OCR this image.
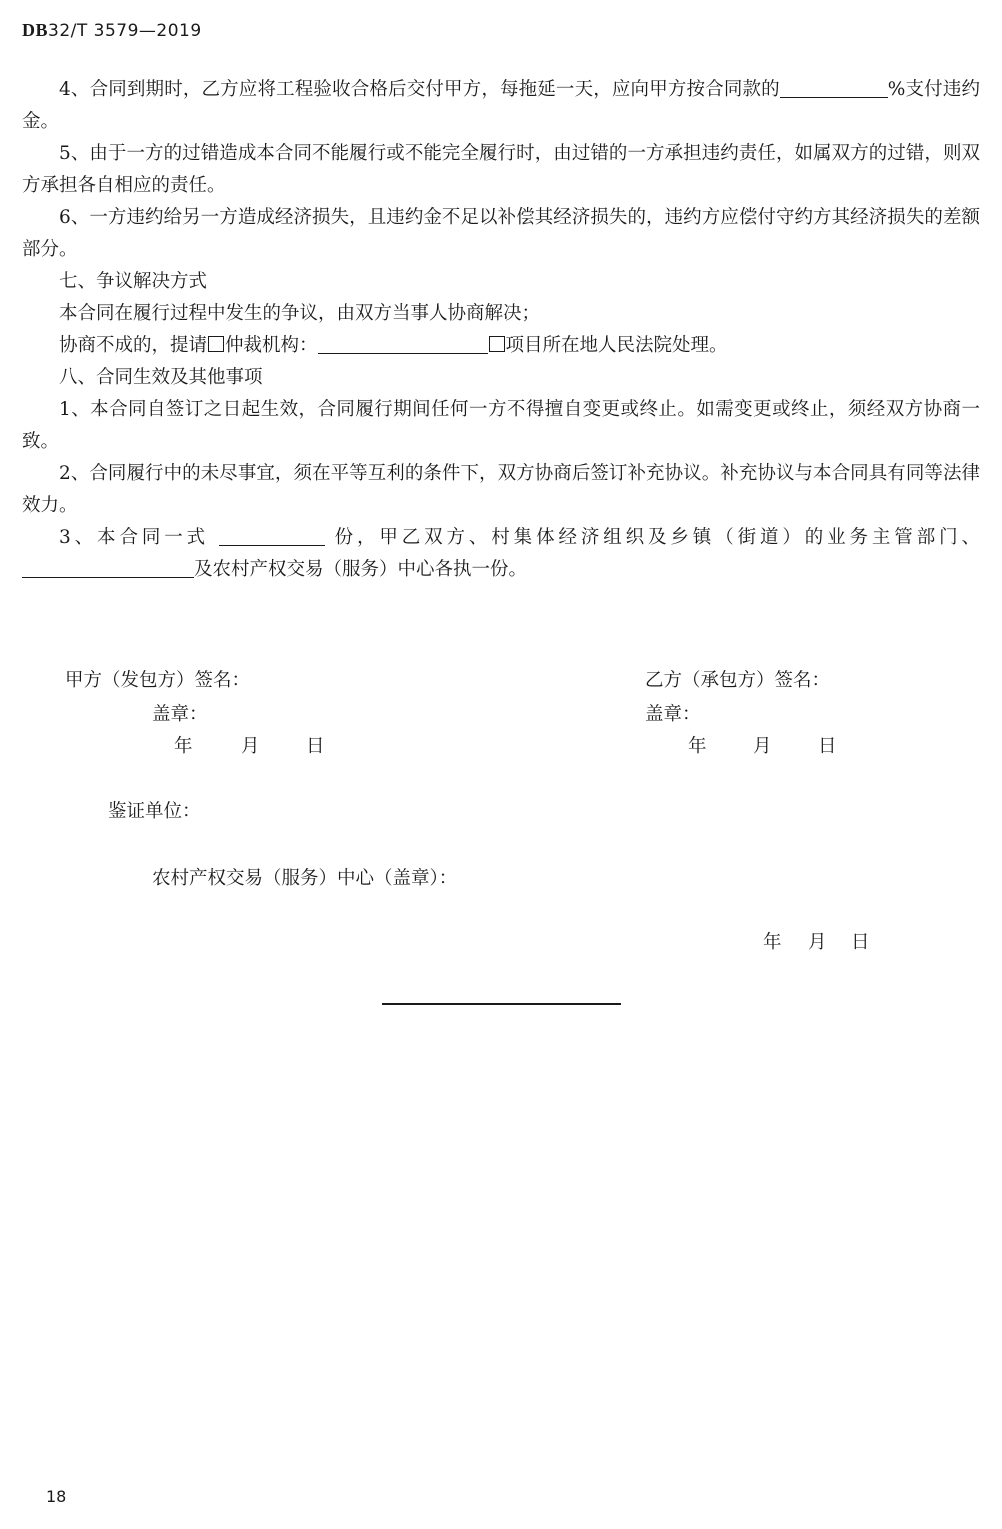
DB32/T 3579—2019

4、合同到期时，乙方应将工程验收合格后交付甲方，每拖延一天，应向甲方按合同款的	%支付违约金。

5、由于一方的过错造成本合同不能履行或不能完全履行时，由过错的一方承担违约责任，如属双方的过错，则双方承担各自相应的责任。

6、一方违约给另一方造成经济损失，且违约金不足以补偿其经济损失的，违约方应偿付守约方其经济损失的差额部分。

七、争议解决方式

本合同在履行过程中发生的争议，由双方当事人协商解决；

协商不成的，提请 仲裁机构：	项目所在地人民法院处理。

八、合同生效及其他事项

1、本合同自签订之日起生效，合同履行期间任何一方不得擅自变更或终止。如需变更或终止，须经双方协商一致。

2、合同履行中的未尽事宜，须在平等互利的条件下，双方协商后签订补充协议。补充协议与本合同具有同等法律效力。

3、本合同一式	份，甲乙双方、村集体经济组织及乡镇（街道）的业务主管部门、及农村产权交易（服务）中心各执一份。

甲方（发包方）签名：
盖章：
年	月	日
乙方（承包方）签名：
盖章：
年	月	日
鉴证单位：
农村产权交易（服务）中心（盖章）：
年 月 日
18
